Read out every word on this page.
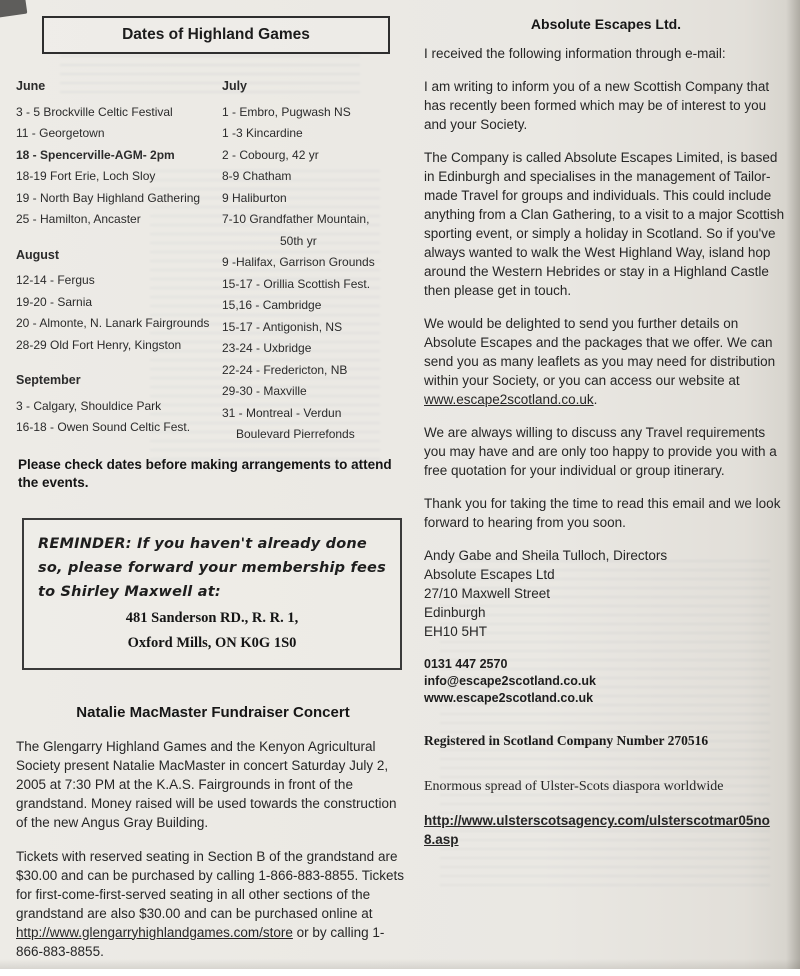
Dates of Highland Games
June
3 - 5 Brockville Celtic Festival
11 - Georgetown
18 - Spencerville-AGM- 2pm
18-19 Fort Erie, Loch Sloy
19 - North Bay Highland Gathering
25 - Hamilton, Ancaster
August
12-14 - Fergus
19-20 - Sarnia
20 - Almonte, N. Lanark Fairgrounds
28-29 Old Fort Henry, Kingston
September
3 - Calgary, Shouldice Park
16-18 - Owen Sound Celtic Fest.
July
1 - Embro, Pugwash NS
1 -3 Kincardine
2 - Cobourg, 42 yr
8-9 Chatham
9 Haliburton
7-10 Grandfather Mountain,
50th yr
9 -Halifax, Garrison Grounds
15-17 - Orillia Scottish Fest.
15,16 - Cambridge
15-17 - Antigonish, NS
23-24 - Uxbridge
22-24 - Fredericton, NB
29-30 - Maxville
31 - Montreal - Verdun
Boulevard Pierrefonds
Please check dates before making arrangements to attend the events.
REMINDER: If you haven't already done
so, please forward your membership fees
to Shirley Maxwell at:
481 Sanderson RD., R. R. 1,
Oxford Mills, ON K0G 1S0
Natalie MacMaster Fundraiser Concert

The Glengarry Highland Games and the Kenyon Agricultural Society present Natalie MacMaster in concert Saturday July 2, 2005 at 7:30 PM at the K.A.S. Fairgrounds in front of the grandstand. Money raised will be used towards the construction of the new Angus Gray Building.

Tickets with reserved seating in Section B of the grandstand are $30.00 and can be purchased by calling 1-866-883-8855. Tickets for first-come-first-served seating in all other sections of the grandstand are also $30.00 and can be purchased online at http://www.glengarryhighlandgames.com/store or by calling 1-866-883-8855.

Absolute Escapes Ltd.

I received the following information through e-mail:

I am writing to inform you of a new Scottish Company that has recently been formed which may be of interest to you and your Society.

The Company is called Absolute Escapes Limited, is based in Edinburgh and specialises in the management of Tailor-made Travel for groups and individuals. This could include anything from a Clan Gathering, to a visit to a major Scottish sporting event, or simply a holiday in Scotland. So if you've always wanted to walk the West Highland Way, island hop around the Western Hebrides or stay in a Highland Castle then please get in touch.

We would be delighted to send you further details on Absolute Escapes and the packages that we offer. We can send you as many leaflets as you may need for distribution within your Society, or you can access our website at www.escape2scotland.co.uk.

We are always willing to discuss any Travel requirements you may have and are only too happy to provide you with a free quotation for your individual or group itinerary.

Thank you for taking the time to read this email and we look forward to hearing from you soon.

Andy Gabe and Sheila Tulloch, Directors
Absolute Escapes Ltd
27/10 Maxwell Street
Edinburgh
EH10 5HT
0131 447 2570
info@escape2scotland.co.uk
www.escape2scotland.co.uk
Registered in Scotland Company Number 270516
Enormous spread of Ulster-Scots diaspora worldwide
http://www.ulsterscotsagency.com/ulsterscotmar05no8.asp
